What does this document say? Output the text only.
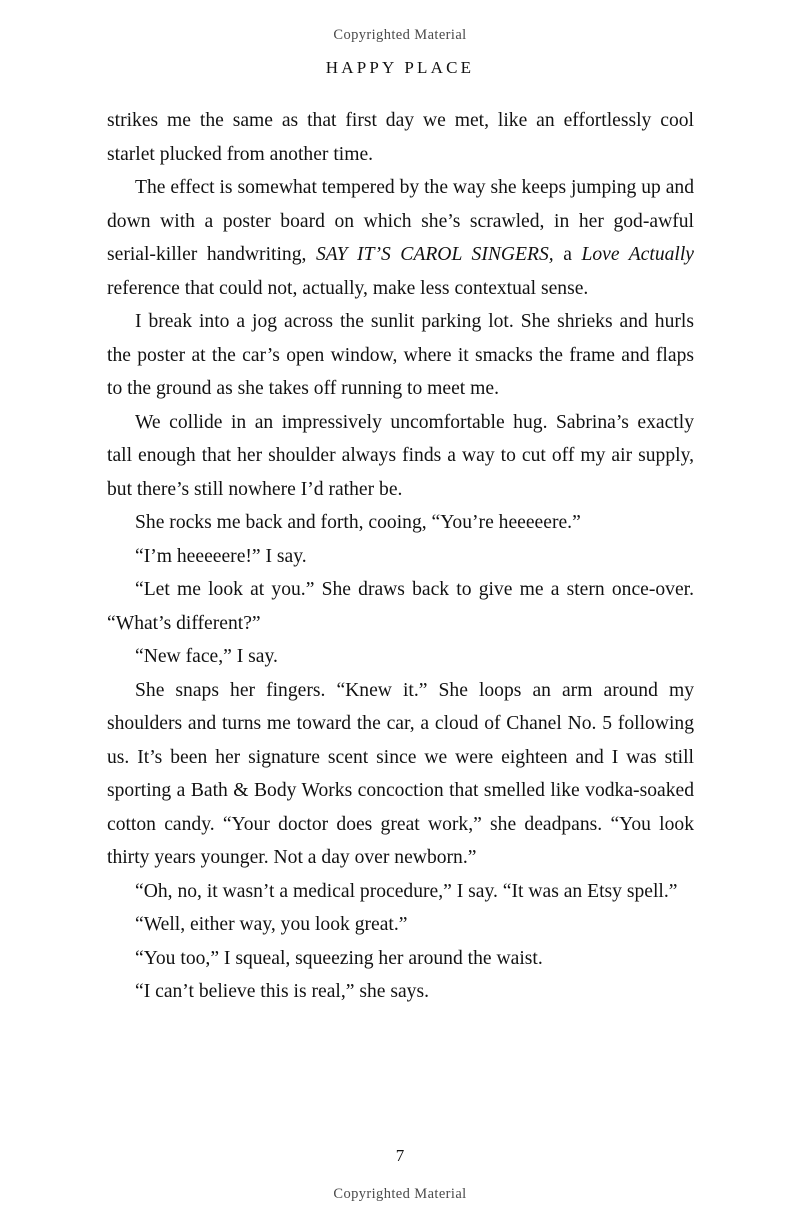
Copyrighted Material
HAPPY PLACE

strikes me the same as that first day we met, like an effortlessly cool starlet plucked from another time.

The effect is somewhat tempered by the way she keeps jumping up and down with a poster board on which she’s scrawled, in her god-awful serial-killer handwriting, SAY IT’S CAROL SINGERS, a Love Actually reference that could not, actually, make less contextual sense.

I break into a jog across the sunlit parking lot. She shrieks and hurls the poster at the car’s open window, where it smacks the frame and flaps to the ground as she takes off running to meet me.

We collide in an impressively uncomfortable hug. Sabrina’s exactly tall enough that her shoulder always finds a way to cut off my air supply, but there’s still nowhere I’d rather be.

She rocks me back and forth, cooing, “You’re heeeeere.”

“I’m heeeeere!” I say.

“Let me look at you.” She draws back to give me a stern once-over. “What’s different?”

“New face,” I say.

She snaps her fingers. “Knew it.” She loops an arm around my shoulders and turns me toward the car, a cloud of Chanel No. 5 following us. It’s been her signature scent since we were eighteen and I was still sporting a Bath & Body Works concoction that smelled like vodka-soaked cotton candy. “Your doctor does great work,” she deadpans. “You look thirty years younger. Not a day over newborn.”

“Oh, no, it wasn’t a medical procedure,” I say. “It was an Etsy spell.”

“Well, either way, you look great.”

“You too,” I squeal, squeezing her around the waist.

“I can’t believe this is real,” she says.

7
Copyrighted Material
